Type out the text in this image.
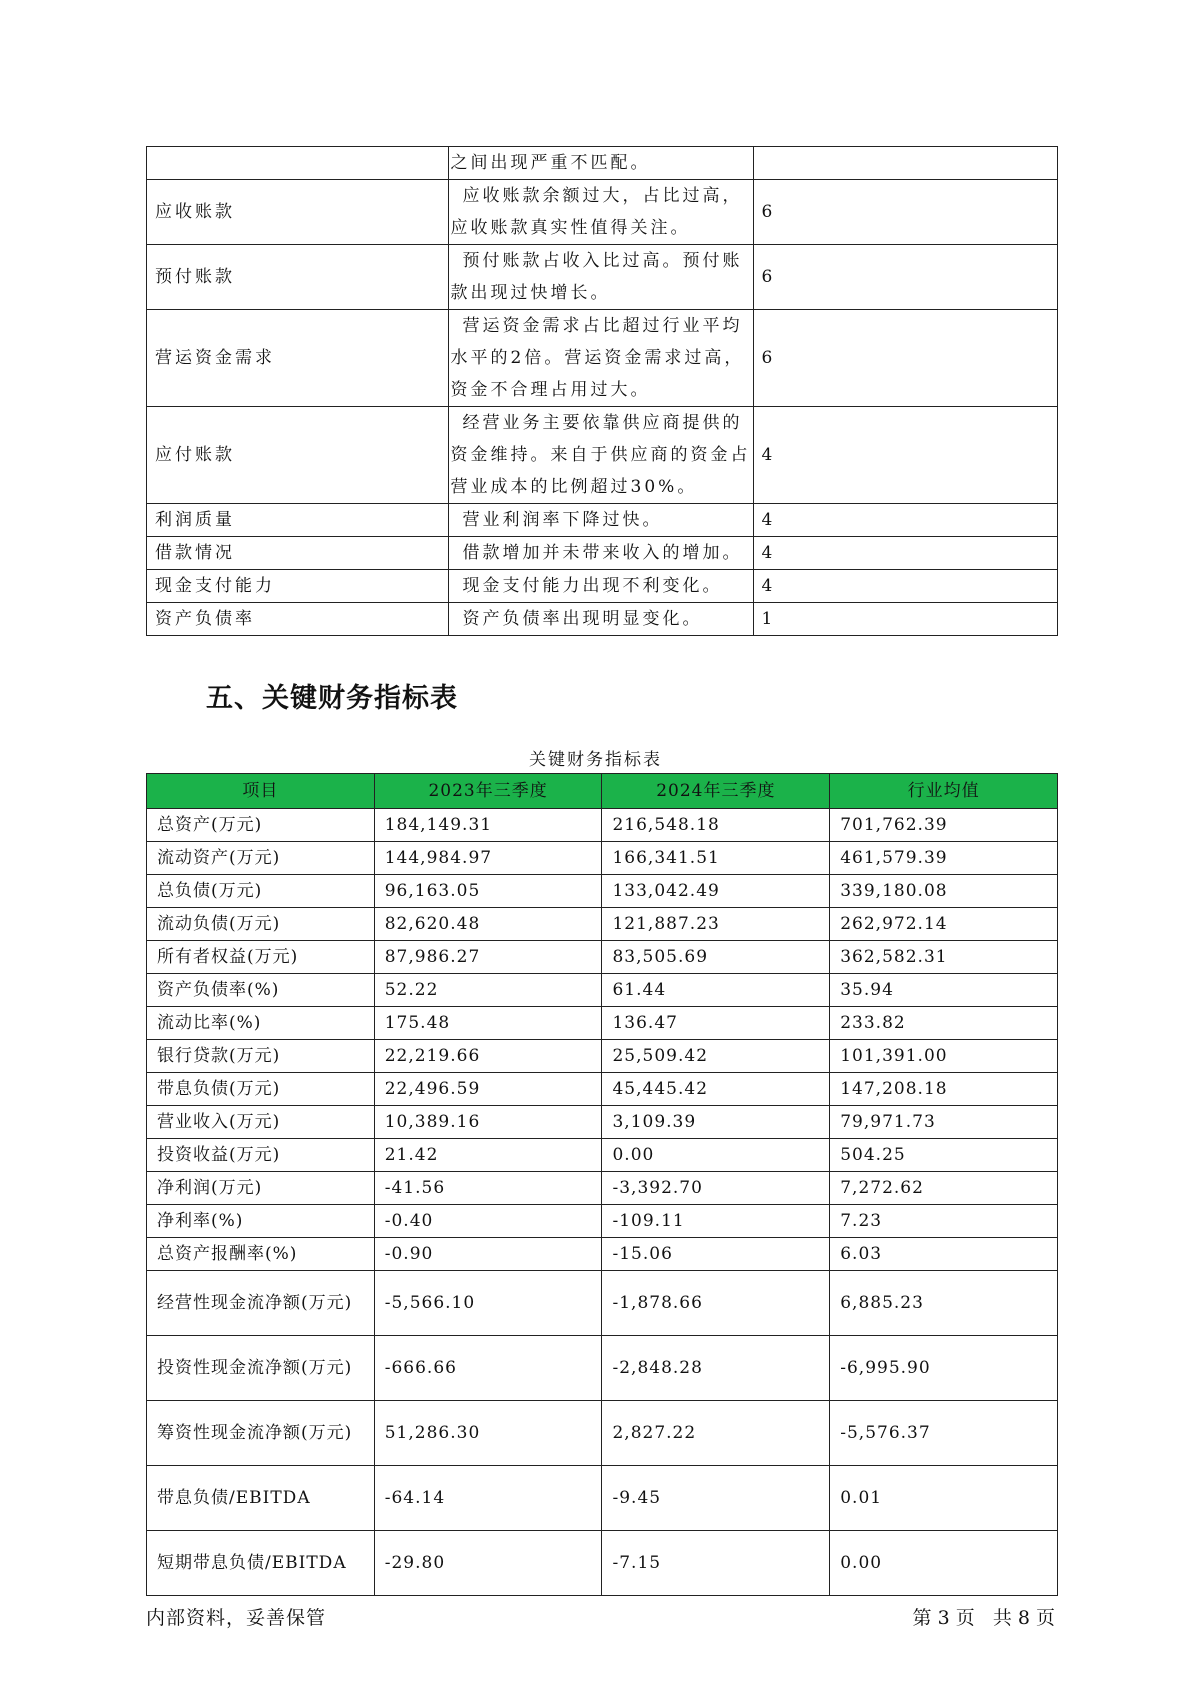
	之间出现严重不匹配。	

应收账款	应收账款余额过大，占比过高，
应收账款真实性值得关注。	6
预付账款	预付账款占收入比过高。预付账
款出现过快增长。	6
营运资金需求	营运资金需求占比超过行业平均
水平的2倍。营运资金需求过高，
资金不合理占用过大。	6
应付账款	经营业务主要依靠供应商提供的
资金维持。来自于供应商的资金占
营业成本的比例超过30%。	4
利润质量	营业利润率下降过快。	4
借款情况	借款增加并未带来收入的增加。	4
现金支付能力	现金支付能力出现不利变化。	4
资产负债率	资产负债率出现明显变化。	1
五、关键财务指标表

关键财务指标表

项目	2023年三季度	2024年三季度	行业均值
总资产(万元)	184,149.31	216,548.18	701,762.39
流动资产(万元)	144,984.97	166,341.51	461,579.39
总负债(万元)	96,163.05	133,042.49	339,180.08
流动负债(万元)	82,620.48	121,887.23	262,972.14
所有者权益(万元)	87,986.27	83,505.69	362,582.31
资产负债率(%)	52.22	61.44	35.94
流动比率(%)	175.48	136.47	233.82
银行贷款(万元)	22,219.66	25,509.42	101,391.00
带息负债(万元)	22,496.59	45,445.42	147,208.18
营业收入(万元)	10,389.16	3,109.39	79,971.73
投资收益(万元)	21.42	0.00	504.25
净利润(万元)	-41.56	-3,392.70	7,272.62
净利率(%)	-0.40	-109.11	7.23
总资产报酬率(%)	-0.90	-15.06	6.03
经营性现金流净额(万元)	-5,566.10	-1,878.66	6,885.23
投资性现金流净额(万元)	-666.66	-2,848.28	-6,995.90
筹资性现金流净额(万元)	51,286.30	2,827.22	-5,576.37
带息负债/EBITDA	-64.14	-9.45	0.01
短期带息负债/EBITDA	-29.80	-7.15	0.00
内部资料，妥善保管	第 3 页   共 8 页
